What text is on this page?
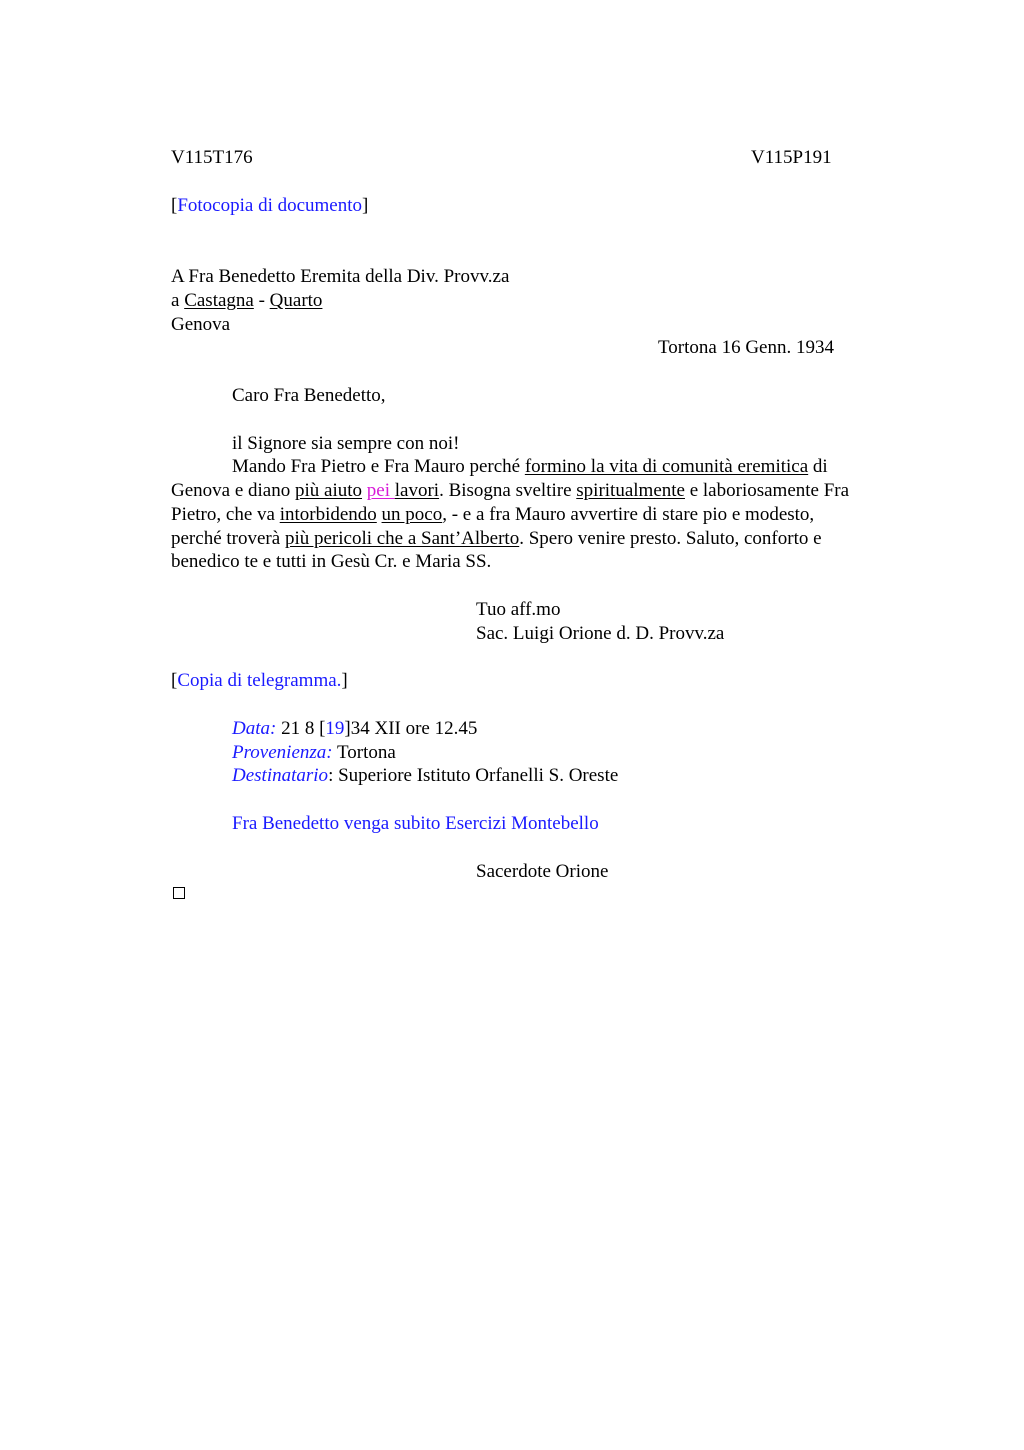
V115T176	V115P191

[Fotocopia di documento]

A Fra Benedetto Eremita della Div. Provv.za

a Castagna - Quarto

Genova

Tortona 16 Genn. 1934

Caro Fra Benedetto,

il Signore sia sempre con noi!

Mando Fra Pietro e Fra Mauro perché formino la vita di comunità eremitica di

Genova e diano più aiuto pei lavori. Bisogna sveltire spiritualmente e laboriosamente Fra

Pietro, che va intorbidendo un poco, - e a fra Mauro avvertire di stare pio e modesto,

perché troverà più pericoli che a Sant’Alberto. Spero venire presto. Saluto, conforto e

benedico te e tutti in Gesù Cr. e Maria SS.

Tuo aff.mo

Sac. Luigi Orione d. D. Provv.za

[Copia di telegramma.]

Data: 21 8 [19]34 XII ore 12.45

Provenienza: Tortona

Destinatario: Superiore Istituto Orfanelli S. Oreste

Fra Benedetto venga subito Esercizi Montebello

Sacerdote Orione
